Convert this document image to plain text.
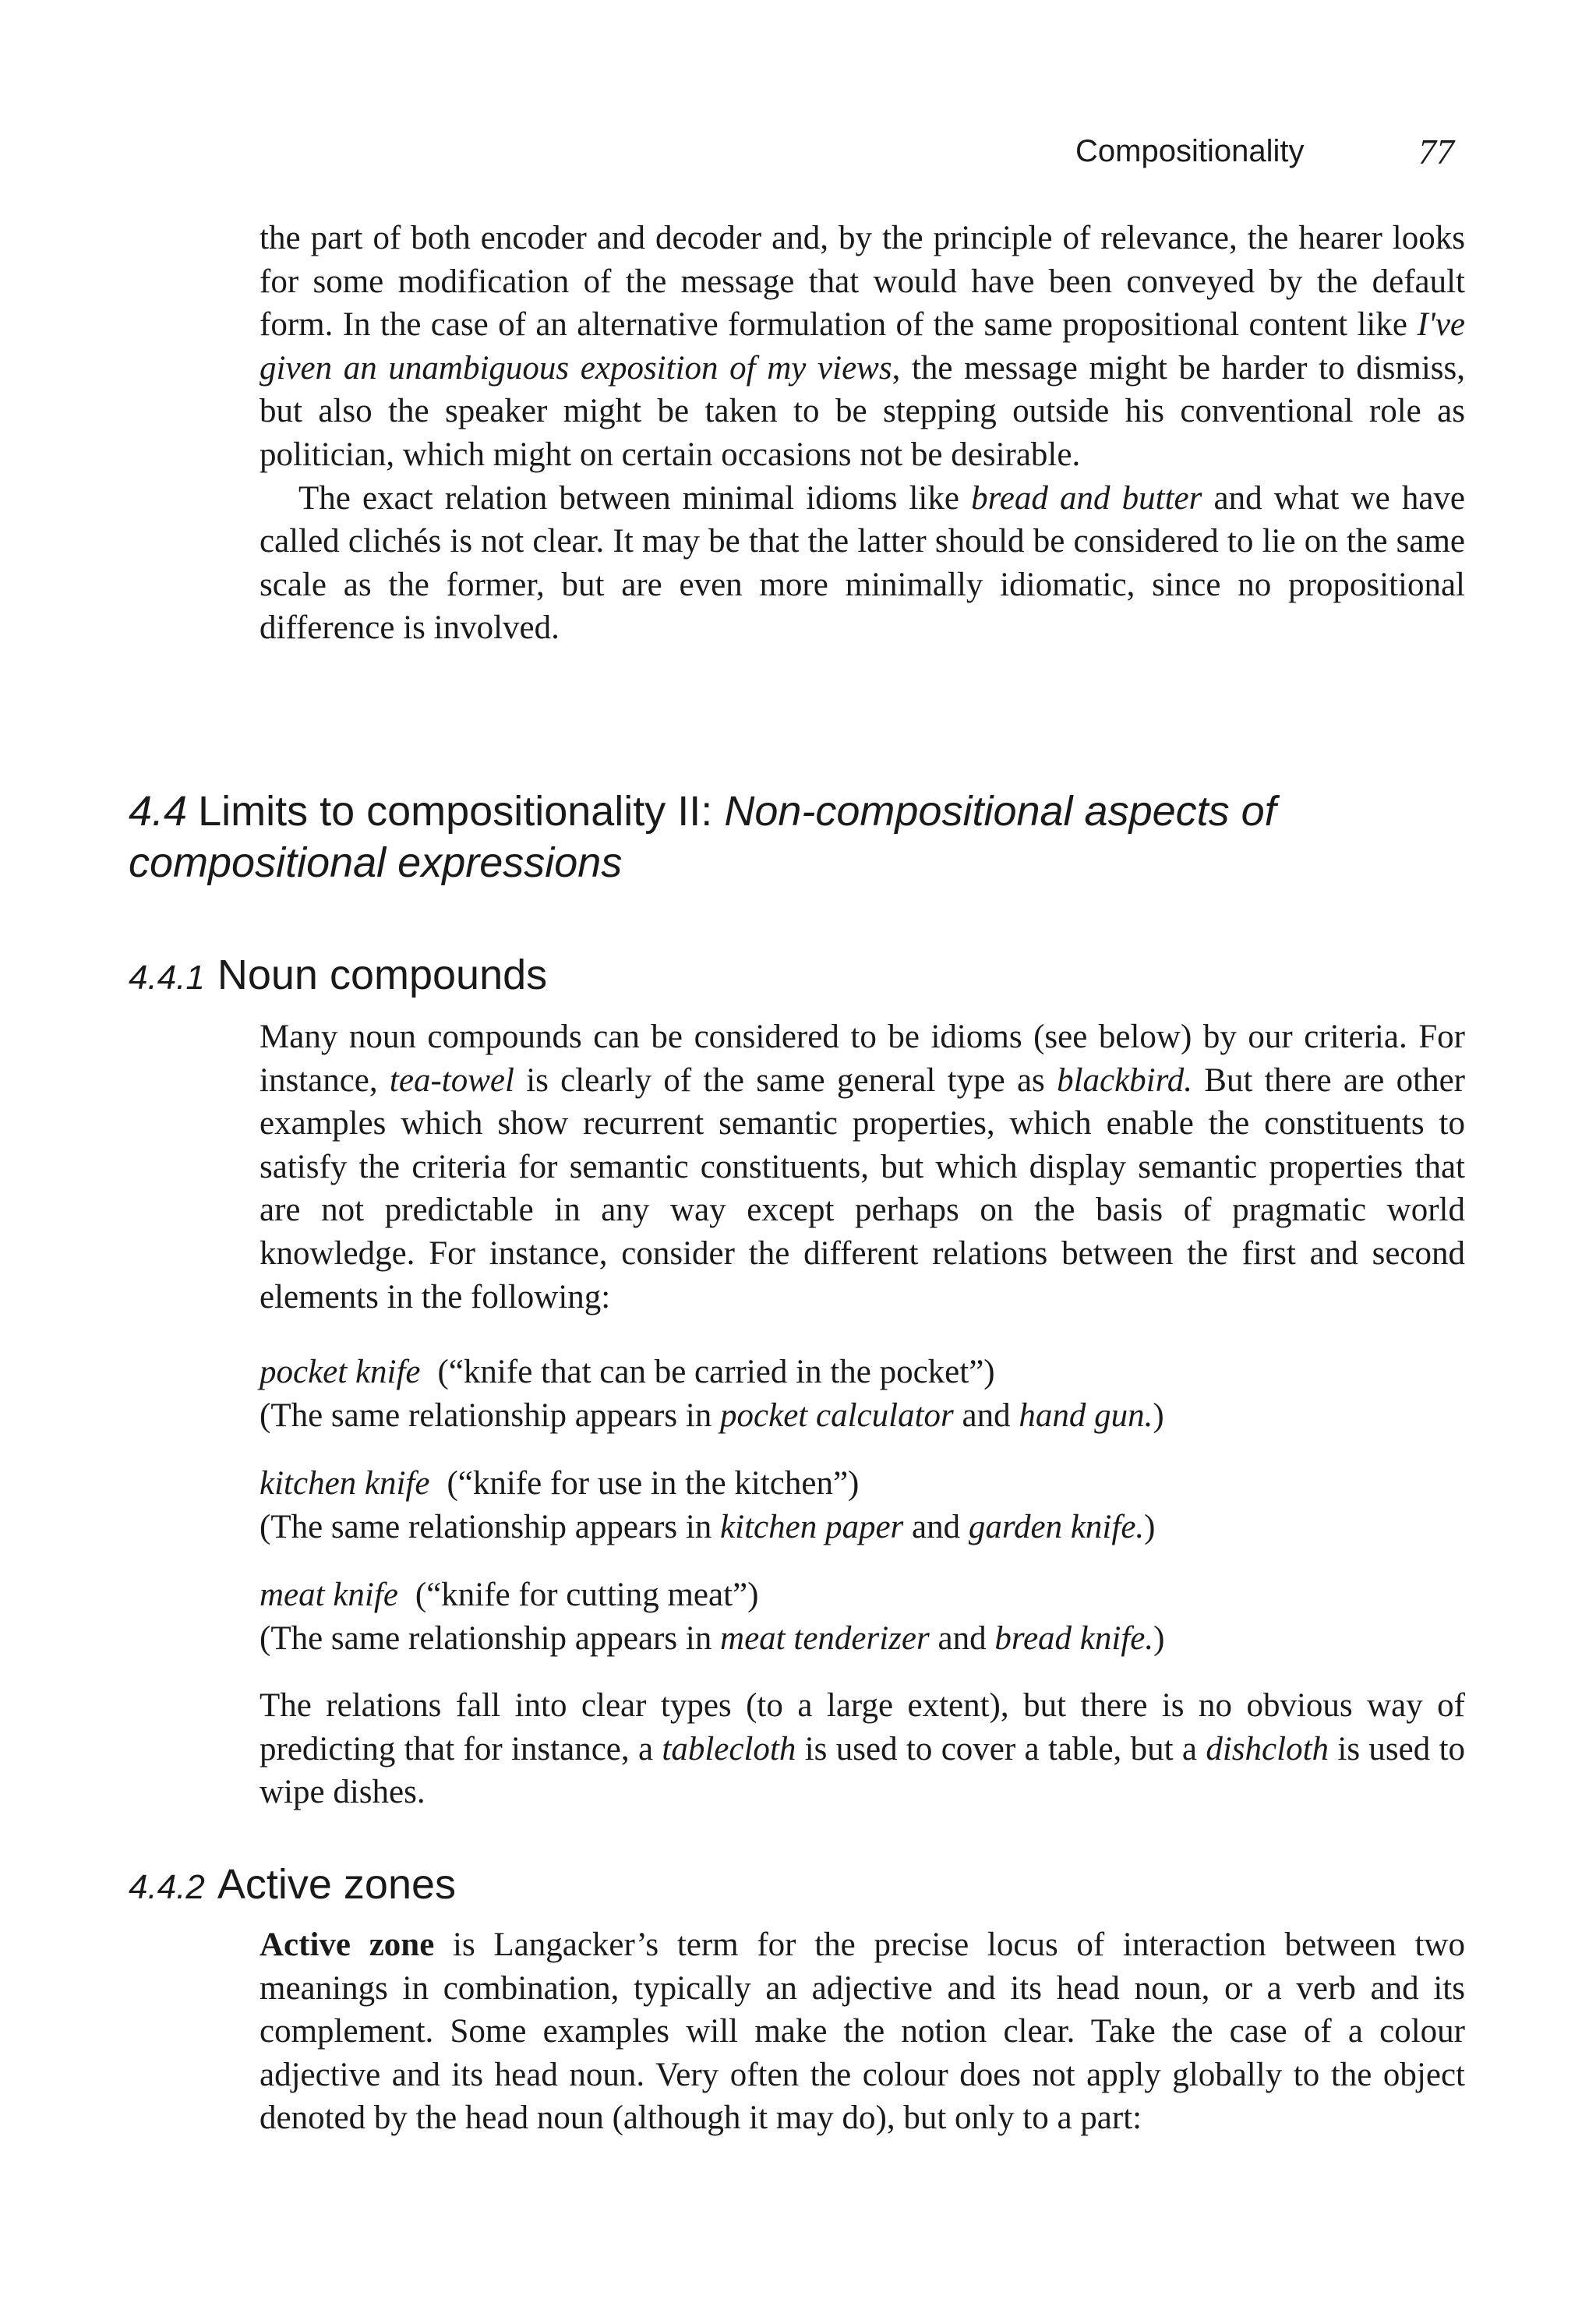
Compositionality	77

the part of both encoder and decoder and, by the principle of relevance, the hearer looks for some modification of the message that would have been conveyed by the default form. In the case of an alternative formulation of the same propositional content like I've given an unambiguous exposition of my views, the message might be harder to dismiss, but also the speaker might be taken to be stepping outside his conventional role as politician, which might on certain occasions not be desirable.

The exact relation between minimal idioms like bread and butter and what we have called clichés is not clear. It may be that the latter should be considered to lie on the same scale as the former, but are even more minimally idiomatic, since no propositional difference is involved.

4.4 Limits to compositionality II: Non-compositional aspects of compositional expressions
4.4.1 Noun compounds

Many noun compounds can be considered to be idioms (see below) by our criteria. For instance, tea-towel is clearly of the same general type as blackbird. But there are other examples which show recurrent semantic properties, which enable the constituents to satisfy the criteria for semantic constituents, but which display semantic properties that are not predictable in any way except perhaps on the basis of pragmatic world knowledge. For instance, consider the different relations between the first and second elements in the following:

pocket knife (“knife that can be carried in the pocket”)

(The same relationship appears in pocket calculator and hand gun.)

kitchen knife (“knife for use in the kitchen”)

(The same relationship appears in kitchen paper and garden knife.)

meat knife (“knife for cutting meat”)

(The same relationship appears in meat tenderizer and bread knife.)

The relations fall into clear types (to a large extent), but there is no obvious way of predicting that for instance, a tablecloth is used to cover a table, but a dishcloth is used to wipe dishes.

4.4.2 Active zones

Active zone is Langacker’s term for the precise locus of interaction between two meanings in combination, typically an adjective and its head noun, or a verb and its complement. Some examples will make the notion clear. Take the case of a colour adjective and its head noun. Very often the colour does not apply globally to the object denoted by the head noun (although it may do), but only to a part:
